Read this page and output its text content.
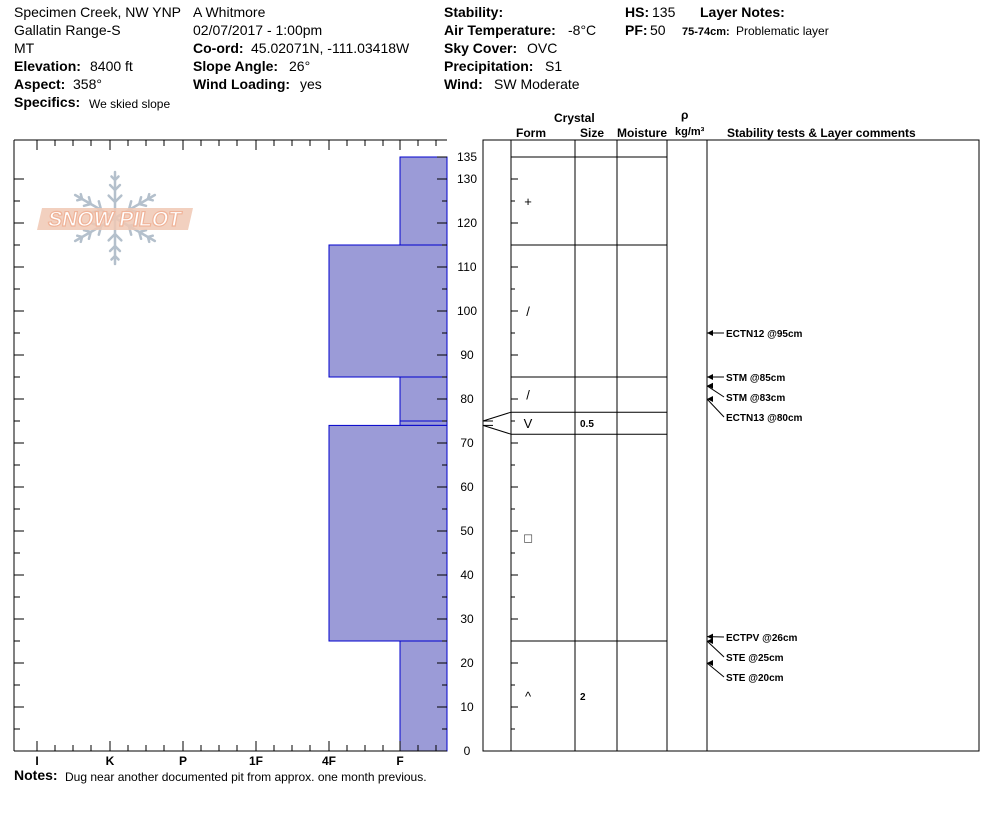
Specimen Creek, NW YNP A Whitmore
Gallatin Range-S
MT
02/07/2017 - 1:00pm
Co-ord: 45.02071N, -111.03418W
Elevation: 8400 ft	Slope Angle: 26°
Aspect: 358°	Wind Loading: yes
Specifics: We skied slope
Stability:
Air Temperature: -8°C
Sky Cover: OVC
Precipitation: S1
Wind: SW Moderate
HS: 135
PF: 50
Layer Notes:
75-74cm: Problematic layer
Crystal
Form	Size Moisture
ρ
kg/m³ Stability tests & Layer comments
I	K	P	1F	4F	F
0
10
20
30
40
50
60
70
80
90
100
110
120
130
135
+
/
/
V	0.5
□
^	2
ECTN12 @95cm
STM @85cm
STM @83cm
ECTN13 @80cm
ECTPV @26cm
STE @25cm
STE @20cm
SNOW PILOT
Notes: Dug near another documented pit from approx. one month previous.
